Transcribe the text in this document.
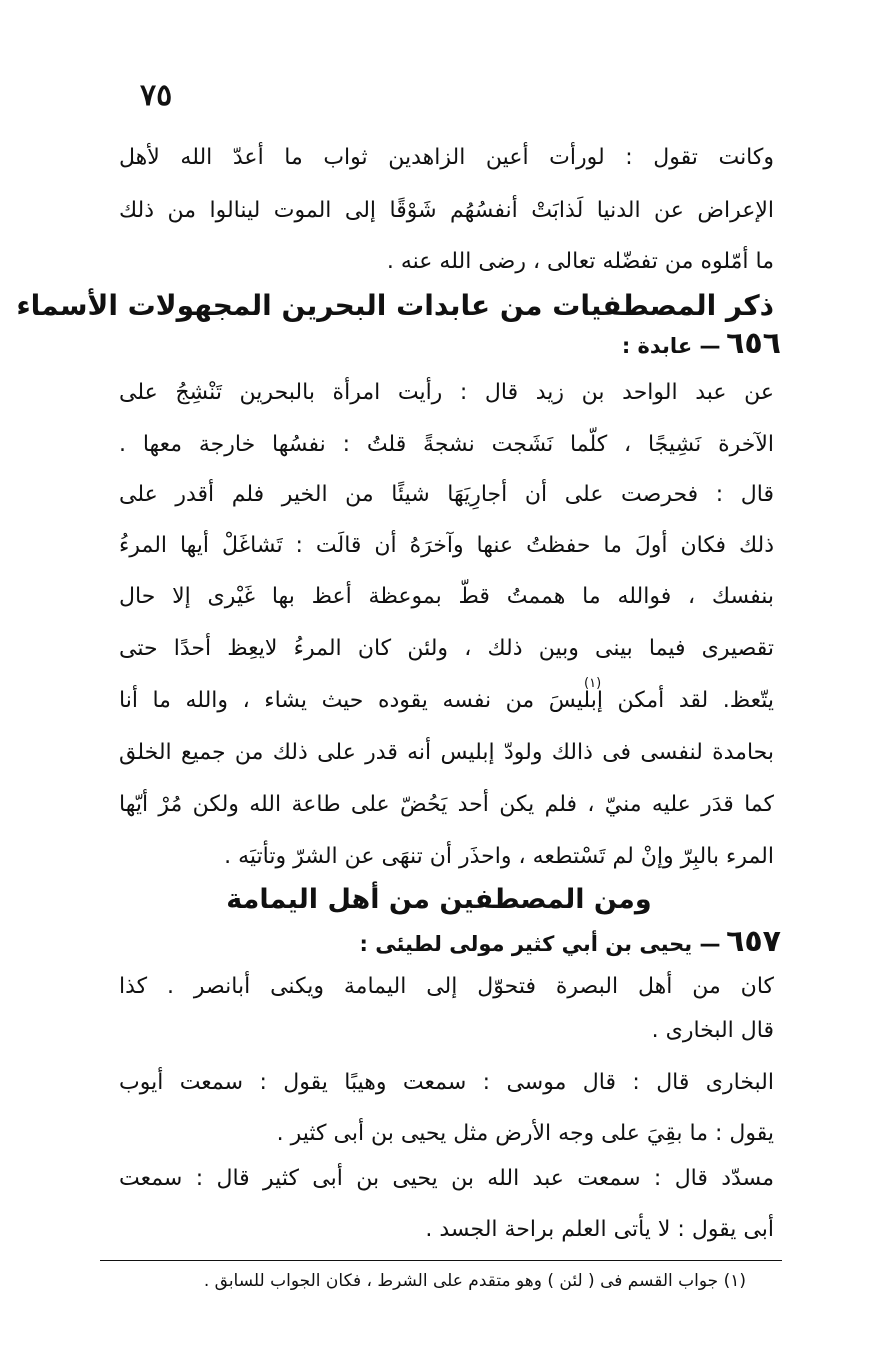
٧٥
وكانت تقول : لورأت أعين الزاهدين ثواب ما أعدّ الله لأهل
الإعراض عن الدنيا لَذابَتْ أنفسُهُم شَوْقًا إلى الموت لينالوا من ذلك
ما أمّلوه من تفضّله تعالى ، رضى الله عنه .
ذكر المصطفيات من عابدات البحرين المجهولات الأسماء
٦٥٦ — عابدة :
عن عبد الواحد بن زيد قال : رأيت امرأة بالبحرين تَنْشِجُ على
الآخرة نَشِيجًا ، كلّما نَشَجت نشجةً قلتُ : نفسُها خارجة معها .
قال : فحرصت على أن أجارِيَهَا شيئًا من الخير فلم أقدر على
ذلك فكان أولَ ما حفظتُ عنها وآخرَهُ أن قالَت : تَشاغَلْ أيها المرءُ
بنفسك ، فوالله ما هممتُ قطّ بموعظة أعظ بها غَيْرى إلا حال
تقصيرى فيما بينى وبين ذلك ، ولئن كان المرءُ لايعِظ أحدًا حتى
يتّعظ. لقد أمكن إبليسَ من نفسه يقوده حيث يشاء ، والله ما أنا
(١)
بحامدة لنفسى فى ذالك ولودّ إبليس أنه قدر على ذلك من جميع الخلق
كما قدَر عليه منيّ ، فلم يكن أحد يَحُضّ على طاعة الله ولكن مُرْ أيّها
المرء بالبِرّ وإنْ لم تَسْتطعه ، واحذَر أن تنهَى عن الشرّ وتأتيَه .
ومن المصطفين من أهل اليمامة
٦٥٧ — يحيى بن أبي كثير مولى لطيئى :
كان من أهل البصرة فتحوّل إلى اليمامة ويكنى أبانصر . كذا
قال البخارى .
البخارى قال : قال موسى : سمعت وهيبًا يقول : سمعت أيوب
يقول : ما بقِيَ على وجه الأرض مثل يحيى بن أبى كثير .
مسدّد قال : سمعت عبد الله بن يحيى بن أبى كثير قال : سمعت
أبى يقول : لا يأتى العلم براحة الجسد .
(١) جواب القسم فى ( لئن ) وهو متقدم على الشرط ، فكان الجواب للسابق .
